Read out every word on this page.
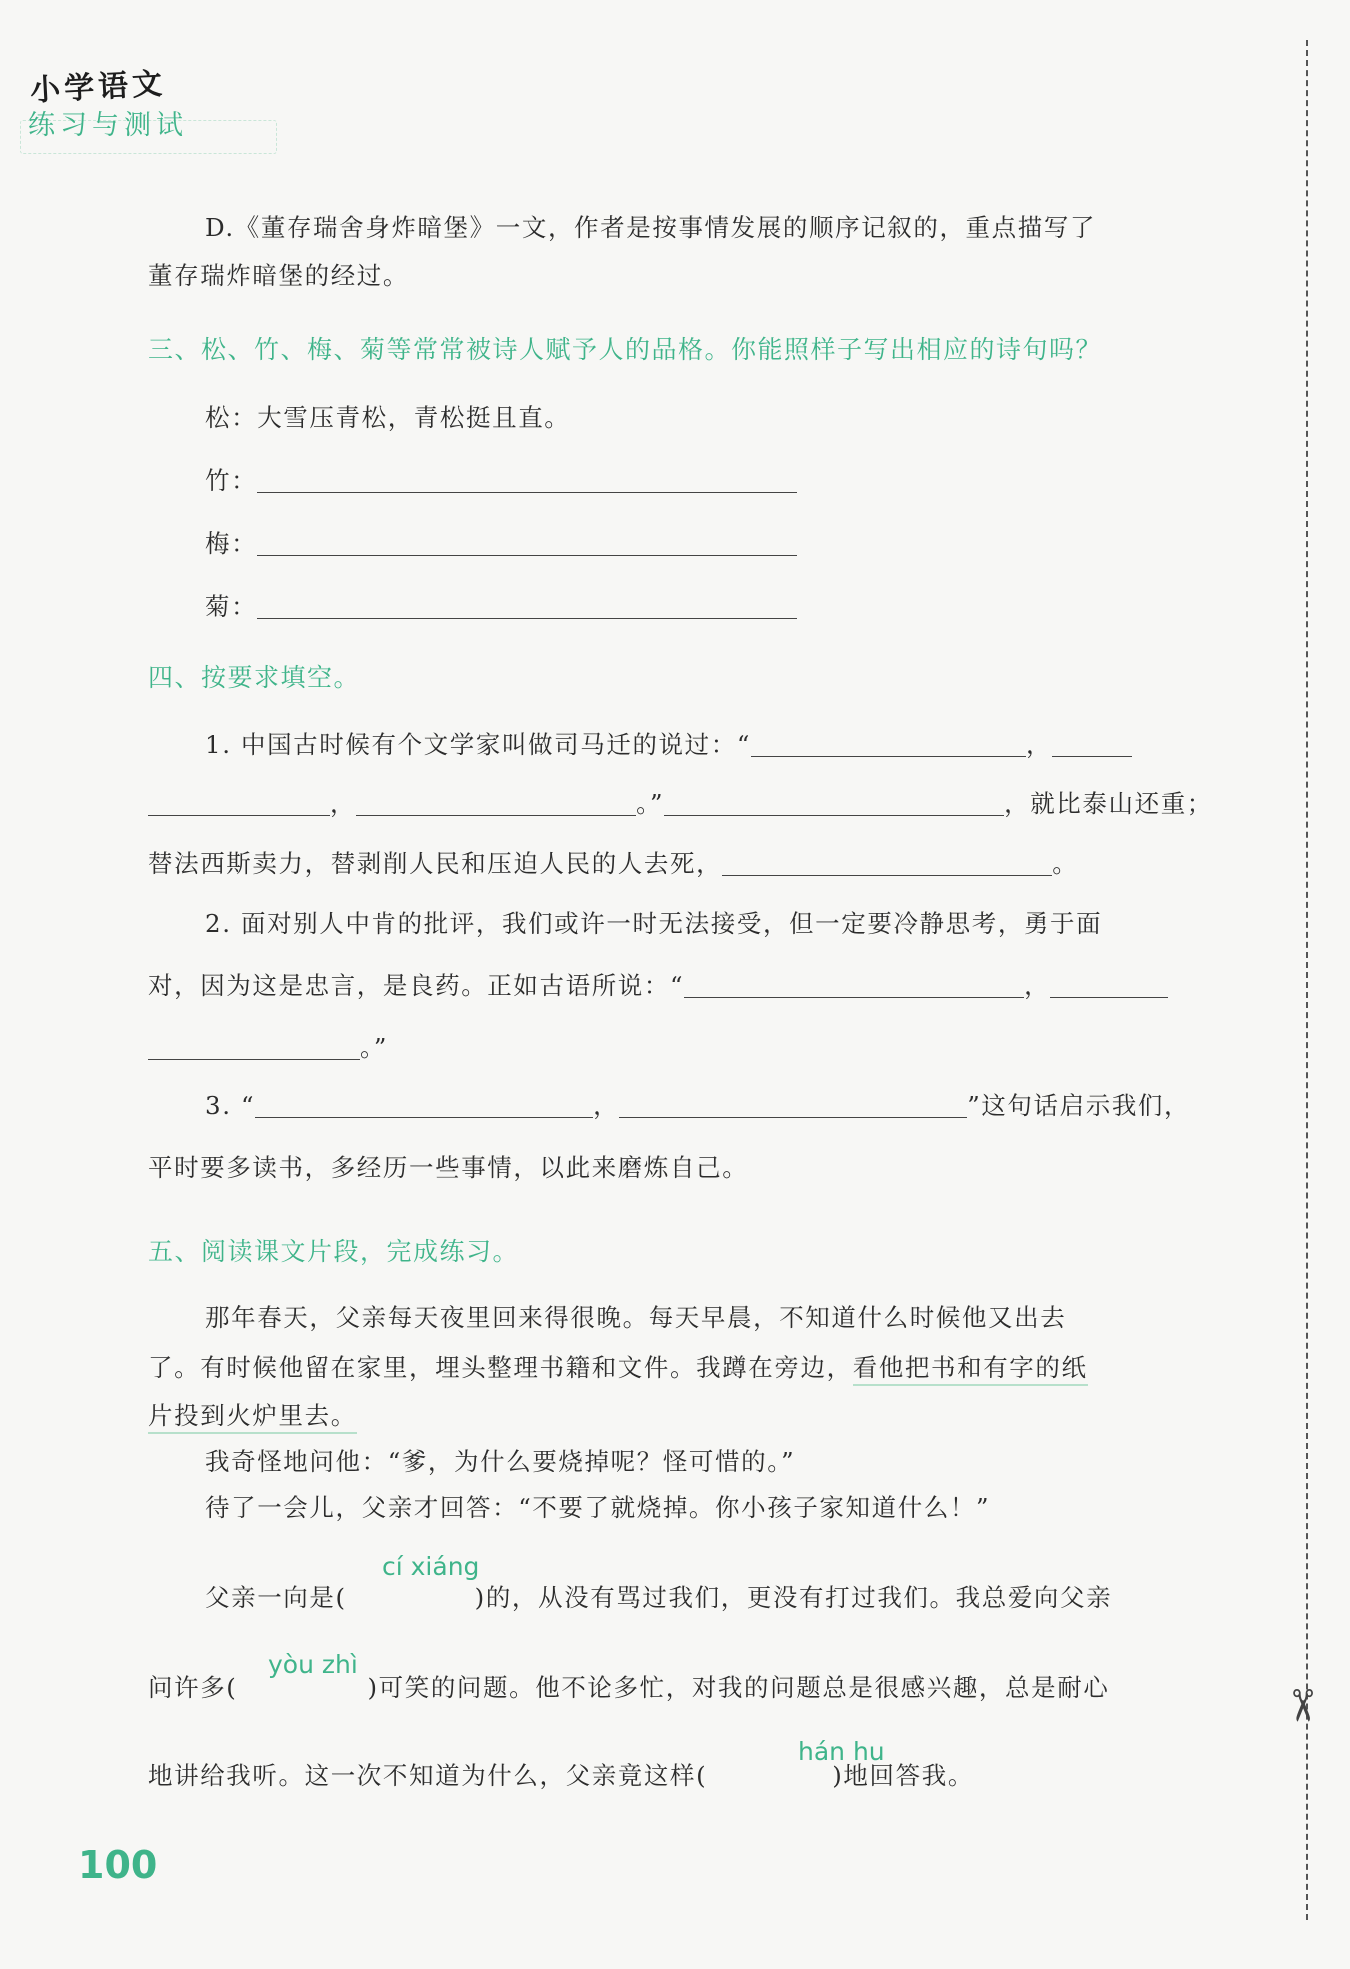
小学语文
练习与测试
✂
D.《董存瑞舍身炸暗堡》一文，作者是按事情发展的顺序记叙的，重点描写了
董存瑞炸暗堡的经过。
三、松、竹、梅、菊等常常被诗人赋予人的品格。你能照样子写出相应的诗句吗？
松：大雪压青松，青松挺且直。
竹：
梅：
菊：
四、按要求填空。
1. 中国古时候有个文学家叫做司马迁的说过：“	，
，	。”	，就比泰山还重；
替法西斯卖力，替剥削人民和压迫人民的人去死，	。
2. 面对别人中肯的批评，我们或许一时无法接受，但一定要冷静思考，勇于面
对，因为这是忠言，是良药。正如古语所说：“	，
。”
3. “	，	”这句话启示我们，
平时要多读书，多经历一些事情，以此来磨炼自己。
五、阅读课文片段，完成练习。
那年春天，父亲每天夜里回来得很晚。每天早晨，不知道什么时候他又出去
了。有时候他留在家里，埋头整理书籍和文件。我蹲在旁边，看他把书和有字的纸
片投到火炉里去。
我奇怪地问他：“爹，为什么要烧掉呢？怪可惜的。”
待了一会儿，父亲才回答：“不要了就烧掉。你小孩子家知道什么！”
cí xiáng
父亲一向是(	)的，从没有骂过我们，更没有打过我们。我总爱向父亲
yòu zhì
问许多(	)可笑的问题。他不论多忙，对我的问题总是很感兴趣，总是耐心
hán hu
地讲给我听。这一次不知道为什么，父亲竟这样(	)地回答我。
100
